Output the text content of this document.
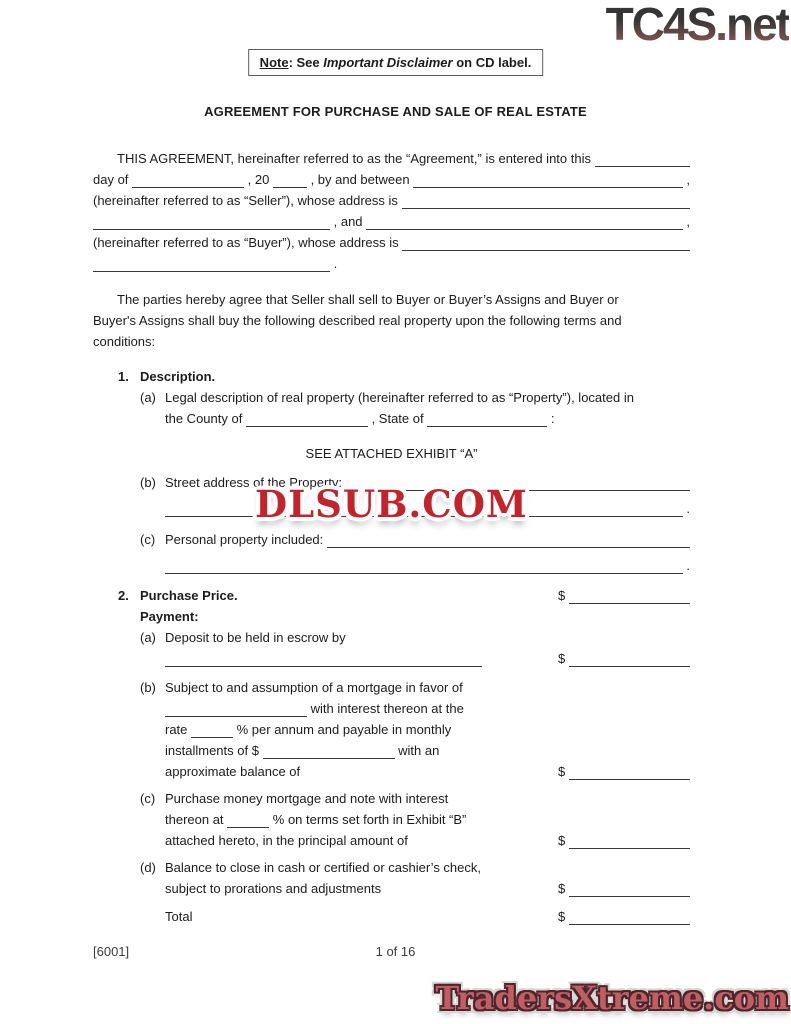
TC4S.net
Note: See Important Disclaimer on CD label.
AGREEMENT FOR PURCHASE AND SALE OF REAL ESTATE
THIS AGREEMENT, hereinafter referred to as the “Agreement,” is entered into this
day of	, 20	, by and between	,
(hereinafter referred to as “Seller”), whose address is
, and	,
(hereinafter referred to as “Buyer”), whose address is
.
The parties hereby agree that Seller shall sell to Buyer or Buyer’s Assigns and Buyer or
Buyer's Assigns shall buy the following described real property upon the following terms and
conditions:
1. Description.
(a) Legal description of real property (hereinafter referred to as “Property”), located in
the County of	, State of	:
SEE ATTACHED EXHIBIT “A”
(b) Street address of the Property:
.
(c) Personal property included:
.
2. Purchase Price.	$
Payment:
(a) Deposit to be held in escrow by
$
(b) Subject to and assumption of a mortgage in favor of
with interest thereon at the
rate	% per annum and payable in monthly
installments of $	with an
approximate balance of	$
(c) Purchase money mortgage and note with interest
thereon at	% on terms set forth in Exhibit “B”
attached hereto, in the principal amount of	$
(d) Balance to close in cash or certified or cashier’s check,
subject to prorations and adjustments	$
Total	$
DLSUB.COM
[6001]	1 of 16
TradersXtreme.com
